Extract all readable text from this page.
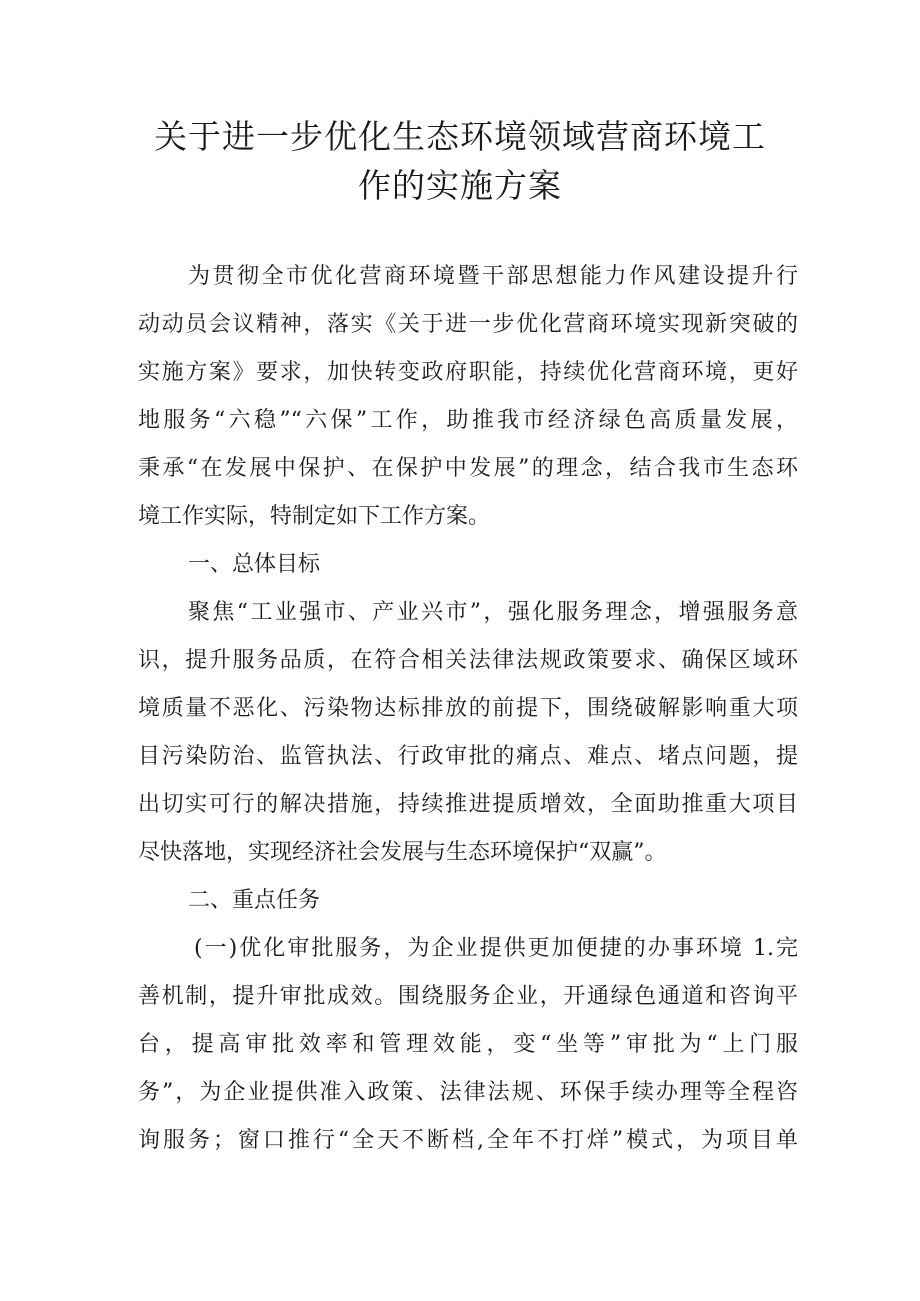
关于进一步优化生态环境领域营商环境工
作的实施方案

为贯彻全市优化营商环境暨干部思想能力作风建设提升行

动动员会议精神，落实《关于进一步优化营商环境实现新突破的

实施方案》要求，加快转变政府职能，持续优化营商环境，更好

地服务“六稳”“六保”工作，助推我市经济绿色高质量发展，

秉承“在发展中保护、在保护中发展”的理念，结合我市生态环

境工作实际，特制定如下工作方案。

一、总体目标

聚焦“工业强市、产业兴市”，强化服务理念，增强服务意

识，提升服务品质，在符合相关法律法规政策要求、确保区域环

境质量不恶化、污染物达标排放的前提下，围绕破解影响重大项

目污染防治、监管执法、行政审批的痛点、难点、堵点问题，提

出切实可行的解决措施，持续推进提质增效，全面助推重大项目

尽快落地，实现经济社会发展与生态环境保护“双赢”。

二、重点任务

(一)优化审批服务，为企业提供更加便捷的办事环境 1.完

善机制，提升审批成效。围绕服务企业，开通绿色通道和咨询平

台，提高审批效率和管理效能，变“坐等”审批为“上门服

务”，为企业提供准入政策、法律法规、环保手续办理等全程咨

询服务；窗口推行“全天不断档,全年不打烊”模式，为项目单
